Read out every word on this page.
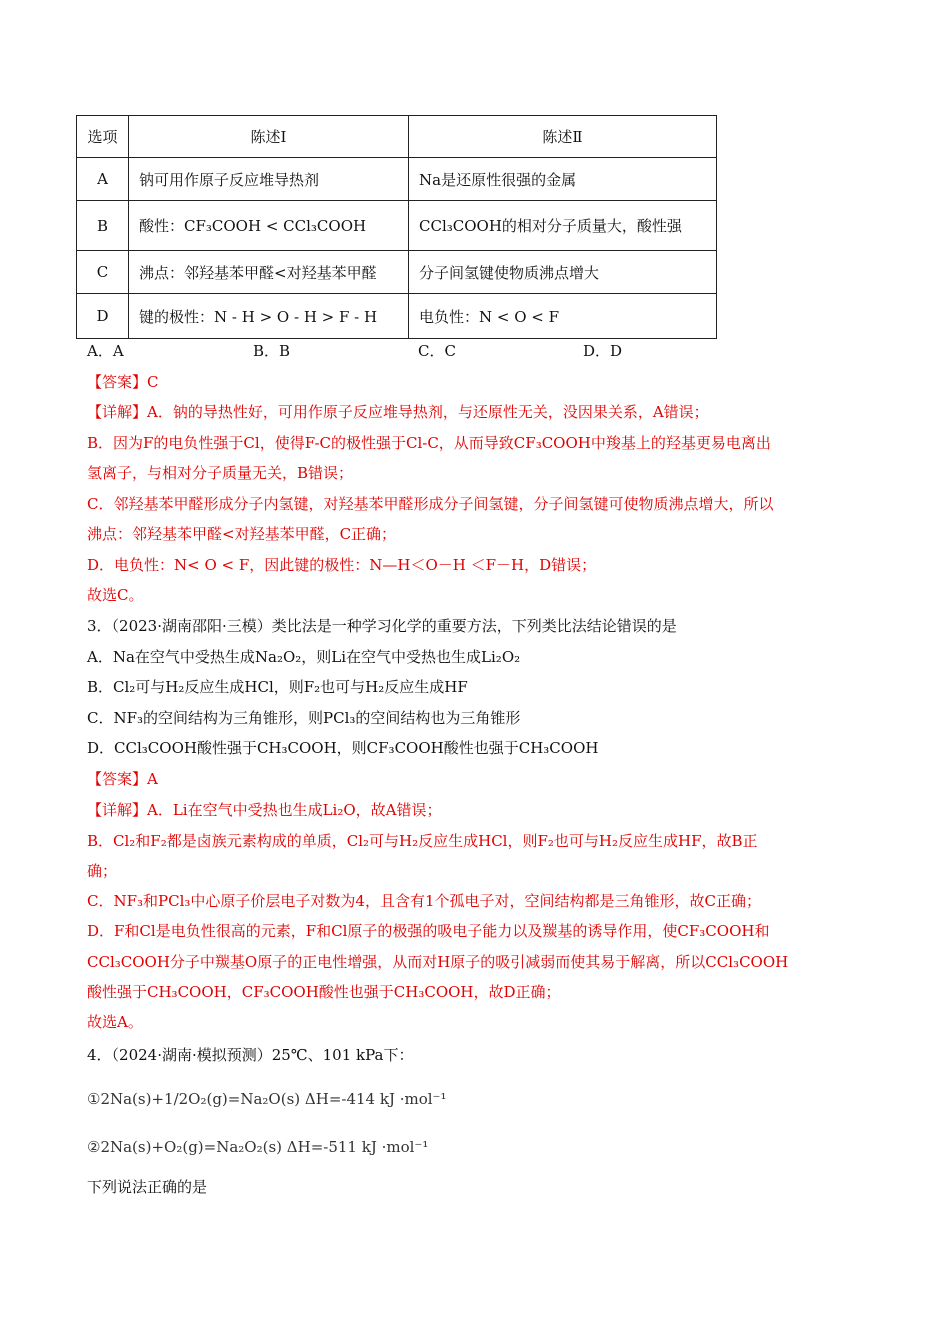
选项	陈述Ⅰ	陈述Ⅱ
A	钠可用作原子反应堆导热剂	Na是还原性很强的金属
B	酸性：CF₃COOH < CCl₃COOH	CCl₃COOH的相对分子质量大，酸性强
C	沸点：邻羟基苯甲醛<对羟基苯甲醛	分子间氢键使物质沸点增大
D	键的极性：N - H > O - H > F - H	电负性：N < O < F
A．A	B．B	C．C	D．D
【答案】C
【详解】A．钠的导热性好，可用作原子反应堆导热剂，与还原性无关，没因果关系，A错误；
B．因为F的电负性强于Cl，使得F-C的极性强于Cl-C，从而导致CF₃COOH中羧基上的羟基更易电离出
氢离子，与相对分子质量无关，B错误；
C．邻羟基苯甲醛形成分子内氢键，对羟基苯甲醛形成分子间氢键，分子间氢键可使物质沸点增大，所以
沸点：邻羟基苯甲醛<对羟基苯甲醛，C正确；
D．电负性：N< O < F，因此键的极性：N—H＜O－H ＜F－H，D错误；
故选C。
3．（2023·湖南邵阳·三模）类比法是一种学习化学的重要方法，下列类比法结论错误的是
A．Na在空气中受热生成Na₂O₂，则Li在空气中受热也生成Li₂O₂
B．Cl₂可与H₂反应生成HCl，则F₂也可与H₂反应生成HF
C．NF₃的空间结构为三角锥形，则PCl₃的空间结构也为三角锥形
D．CCl₃COOH酸性强于CH₃COOH，则CF₃COOH酸性也强于CH₃COOH
【答案】A
【详解】A．Li在空气中受热也生成Li₂O，故A错误；
B．Cl₂和F₂都是卤族元素构成的单质，Cl₂可与H₂反应生成HCl，则F₂也可与H₂反应生成HF，故B正
确；
C．NF₃和PCl₃中心原子价层电子对数为4，且含有1个孤电子对，空间结构都是三角锥形，故C正确；
D．F和Cl是电负性很高的元素，F和Cl原子的极强的吸电子能力以及羰基的诱导作用，使CF₃COOH和
CCl₃COOH分子中羰基O原子的正电性增强，从而对H原子的吸引减弱而使其易于解离，所以CCl₃COOH
酸性强于CH₃COOH，CF₃COOH酸性也强于CH₃COOH，故D正确；
故选A。
4．（2024·湖南·模拟预测）25℃、101 kPa下：
①2Na(s)+1/2O₂(g)=Na₂O(s) ΔH=-414 kJ ·mol⁻¹
②2Na(s)+O₂(g)=Na₂O₂(s) ΔH=-511 kJ ·mol⁻¹
下列说法正确的是
